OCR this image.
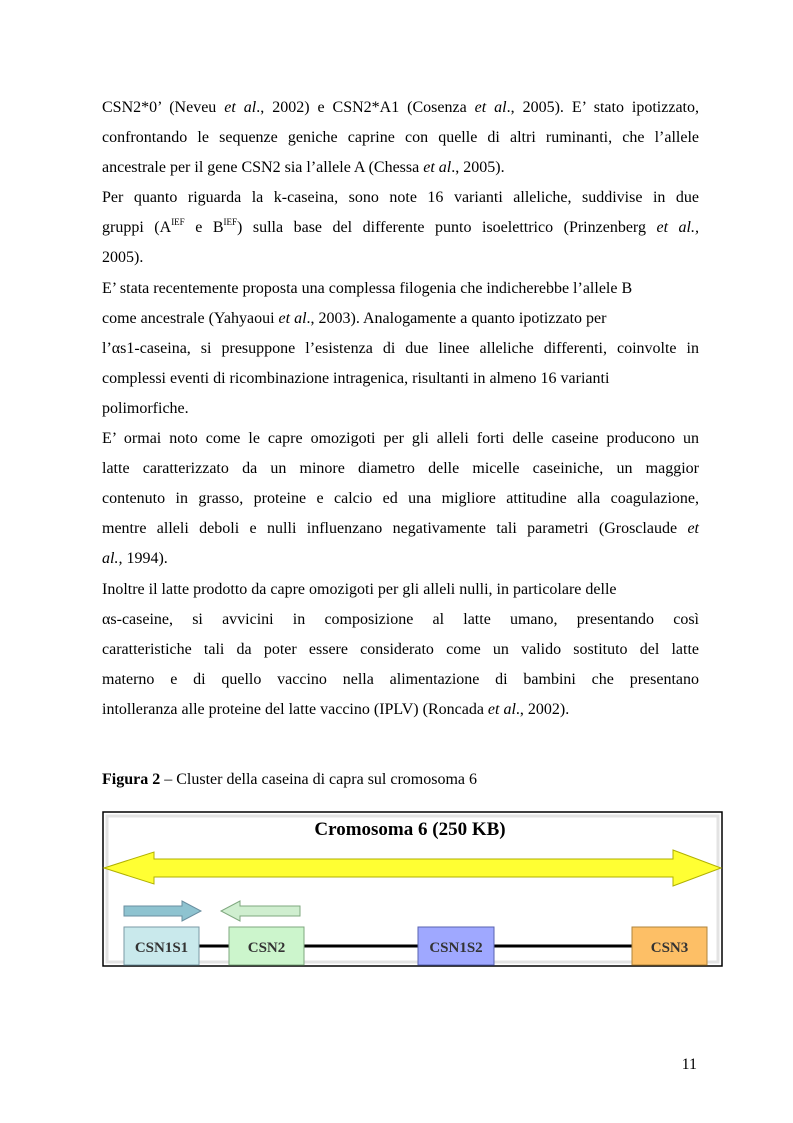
CSN2*0’ (Neveu et al., 2002) e CSN2*A1 (Cosenza et al., 2005). E’ stato ipotizzato,
confrontando le sequenze geniche caprine con quelle di altri ruminanti, che l’allele
ancestrale per il gene CSN2 sia l’allele A (Chessa et al., 2005).

Per quanto riguarda la k-caseina, sono note 16 varianti alleliche, suddivise in due
gruppi ($A^{IEF}$ e $B^{IEF}$) sulla base del differente punto isoelettrico (Prinzenberg et al.,
2005).

E’ stata recentemente proposta una complessa filogenia che indicherebbe l’allele B
come ancestrale (Yahyaoui et al., 2003). Analogamente a quanto ipotizzato per
l’αs1-caseina, si presuppone l’esistenza di due linee alleliche differenti, coinvolte in
complessi eventi di ricombinazione intragenica, risultanti in almeno 16 varianti
polimorfiche.

E’ ormai noto come le capre omozigoti per gli alleli forti delle caseine producono un
latte caratterizzato da un minore diametro delle micelle caseiniche, un maggior
contenuto in grasso, proteine e calcio ed una migliore attitudine alla coagulazione,
mentre alleli deboli e nulli influenzano negativamente tali parametri (Grosclaude et
al., 1994).

Inoltre il latte prodotto da capre omozigoti per gli alleli nulli, in particolare delle
αs-caseine, si avvicini in composizione al latte umano, presentando così
caratteristiche tali da poter essere considerato come un valido sostituto del latte
materno e di quello vaccino nella alimentazione di bambini che presentano
intolleranza alle proteine del latte vaccino (IPLV) (Roncada et al., 2002).

Figura 2 – Cluster della caseina di capra sul cromosoma 6
Cromosoma 6 (250 KB)
CSN1S1	CSN2	CSN1S2	CSN3
11
